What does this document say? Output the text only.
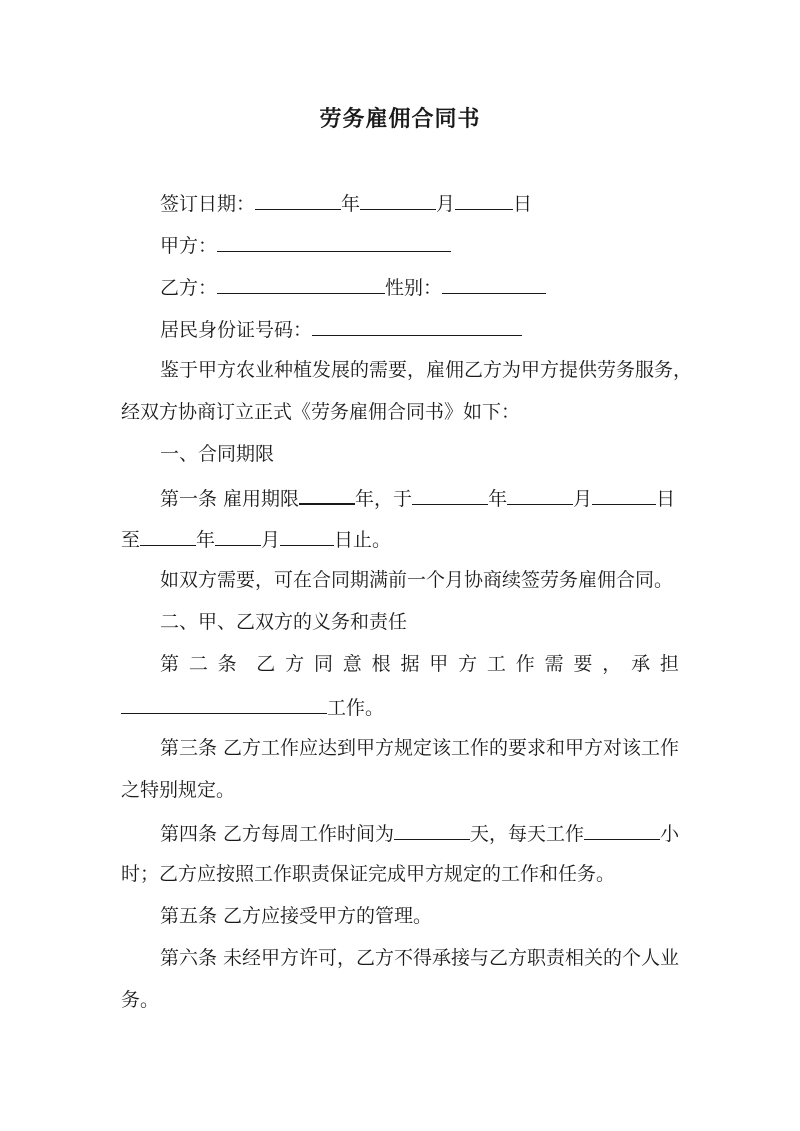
劳务雇佣合同书
签订日期：	年	月	日
甲方：
乙方：	性别：
居民身份证号码：
鉴于甲方农业种植发展的需要，雇佣乙方为甲方提供劳务服务，
经双方协商订立正式《劳务雇佣合同书》如下：
一、合同期限
第一条 雇用期限	年，于	年	月	日
至	年 月	日止。
如双方需要，可在合同期满前一个月协商续签劳务雇佣合同。
二、甲、乙双方的义务和责任
第 二 条 乙 方 同 意 根 据 甲 方 工 作 需 要 ， 承 担
工作。
第三条 乙方工作应达到甲方规定该工作的要求和甲方对该工作
之特别规定。
第四条 乙方每周工作时间为	天，每天工作	小
时；乙方应按照工作职责保证完成甲方规定的工作和任务。
第五条 乙方应接受甲方的管理。
第六条 未经甲方许可，乙方不得承接与乙方职责相关的个人业
务。
